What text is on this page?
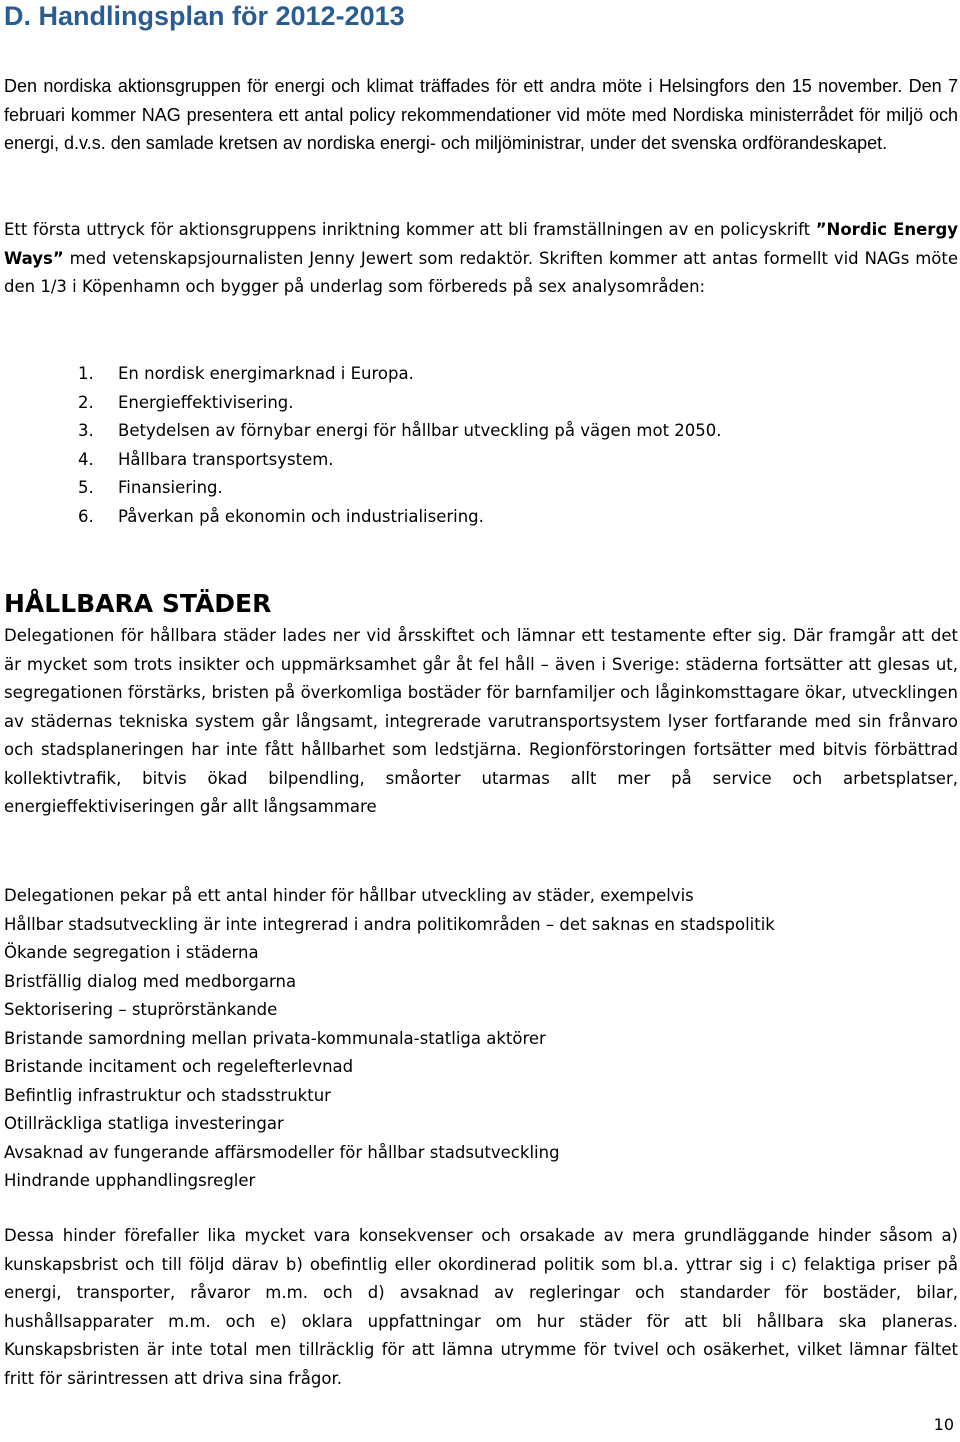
D. Handlingsplan för 2012-2013

Den nordiska aktionsgruppen för energi och klimat träffades för ett andra möte i Helsingfors den 15 november. Den 7 februari kommer NAG presentera ett antal policy rekommendationer vid möte med Nordiska ministerrådet för miljö och energi, d.v.s. den samlade kretsen av nordiska energi- och miljöministrar, under det svenska ordförandeskapet.

Ett första uttryck för aktionsgruppens inriktning kommer att bli framställningen av en policyskrift ”Nordic Energy Ways” med vetenskapsjournalisten Jenny Jewert som redaktör. Skriften kommer att antas formellt vid NAGs möte den 1/3 i Köpenhamn och bygger på underlag som förbereds på sex analysområden:

1.	En nordisk energimarknad i Europa.
2.	Energieffektivisering.
3.	Betydelsen av förnybar energi för hållbar utveckling på vägen mot 2050.
4.	Hållbara transportsystem.
5.	Finansiering.
6.	Påverkan på ekonomin och industrialisering.
HÅLLBARA STÄDER

Delegationen för hållbara städer lades ner vid årsskiftet och lämnar ett testamente efter sig. Där framgår att det är mycket som trots insikter och uppmärksamhet går åt fel håll – även i Sverige: städerna fortsätter att glesas ut, segregationen förstärks, bristen på överkomliga bostäder för barnfamiljer och låginkomsttagare ökar, utvecklingen av städernas tekniska system går långsamt, integrerade varutransportsystem lyser fortfarande med sin frånvaro och stadsplaneringen har inte fått hållbarhet som ledstjärna. Regionförstoringen fortsätter med bitvis förbättrad kollektivtrafik, bitvis ökad bilpendling, småorter utarmas allt mer på service och arbetsplatser, energieffektiviseringen går allt långsammare

Delegationen pekar på ett antal hinder för hållbar utveckling av städer, exempelvis
Hållbar stadsutveckling är inte integrerad i andra politikområden – det saknas en stadspolitik
Ökande segregation i städerna
Bristfällig dialog med medborgarna
Sektorisering – stuprörstänkande
Bristande samordning mellan privata-kommunala-statliga aktörer
Bristande incitament och regelefterlevnad
Befintlig infrastruktur och stadsstruktur
Otillräckliga statliga investeringar
Avsaknad av fungerande affärsmodeller för hållbar stadsutveckling
Hindrande upphandlingsregler

Dessa hinder förefaller lika mycket vara konsekvenser och orsakade av mera grundläggande hinder såsom a) kunskapsbrist och till följd därav b) obefintlig eller okordinerad politik som bl.a. yttrar sig i c) felaktiga priser på energi, transporter, råvaror m.m. och d) avsaknad av regleringar och standarder för bostäder, bilar, hushållsapparater m.m. och e) oklara uppfattningar om hur städer för att bli hållbara ska planeras. Kunskapsbristen är inte total men tillräcklig för att lämna utrymme för tvivel och osäkerhet, vilket lämnar fältet fritt för särintressen att driva sina frågor.

10
